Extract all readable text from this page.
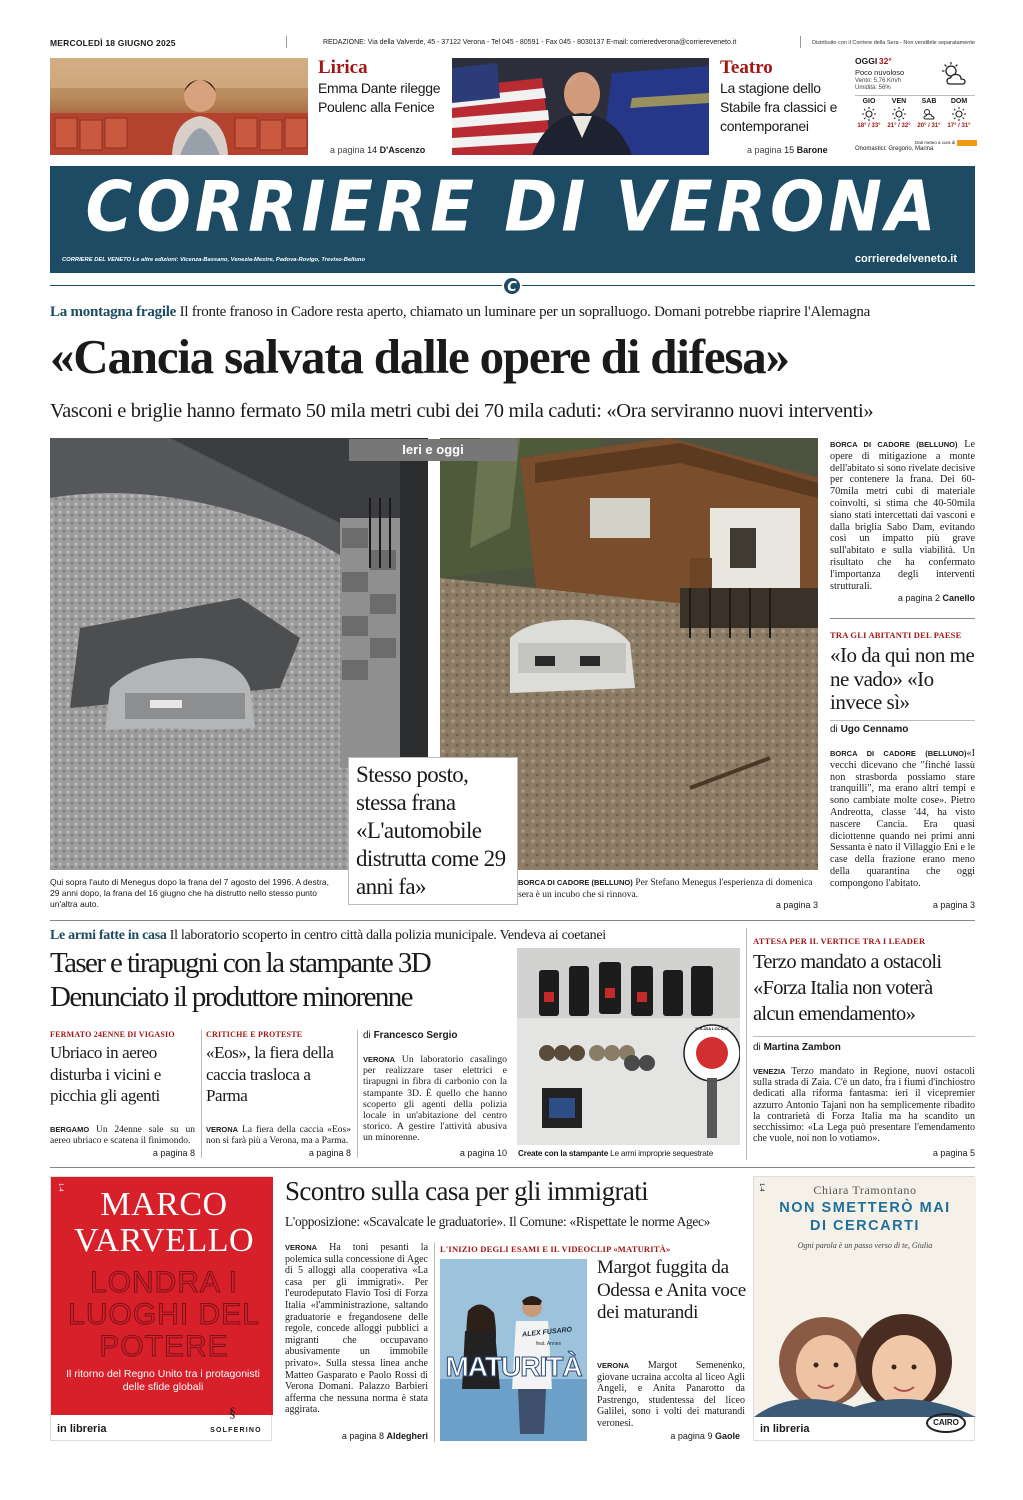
MERCOLEDÌ 18 GIUGNO 2025	REDAZIONE: Via della Valverde, 45 - 37122 Verona - Tel 045 - 80591 - Fax 045 - 8030137 E-mail: corrieredverona@corriereveneto.it	Distribuito con il Corriere della Sera - Non vendibile separatamente
Lirica
Emma Dante rilegge Poulenc alla Fenice
a pagina 14 D'Ascenzo
Teatro
La stagione dello Stabile fra classici e contemporanei
a pagina 15 Barone
OGGI 32°
Poco nuvoloso
Vento: 5.76 Km/h
Umidità: 56%
GIO
18° / 33°
VEN
21° / 32°
SAB
20° / 31°
DOM
17° / 31°
Dati meteo a cura di
Onomastici: Gregorio, Marina
CORRIERE DI VERONA
CORRIERE DEL VENETO Le altre edizioni: Vicenza-Bassano, Venezia-Mestre, Padova-Rovigo, Treviso-Belluno	corrieredelveneto.it
C
La montagna fragile Il fronte franoso in Cadore resta aperto, chiamato un luminare per un sopralluogo. Domani potrebbe riaprire l'Alemagna
«Cancia salvata dalle opere di difesa»
Vasconi e briglie hanno fermato 50 mila metri cubi dei 70 mila caduti: «Ora serviranno nuovi interventi»
Ieri e oggi
Stesso posto, stessa frana «L'automobile distrutta come 29 anni fa»
Qui sopra l'auto di Menegus dopo la frana del 7 agosto del 1996. A destra, 29 anni dopo, la frana del 16 giugno che ha distrutto nello stesso punto un'altra auto.
BORCA DI CADORE (BELLUNO) Per Stefano Menegus l'esperienza di domenica sera è un incubo che si rinnova.
a pagina 3
BORCA DI CADORE (BELLUNO) Le opere di mitigazione a monte dell'abitato si sono rivelate decisive per contenere la frana. Dei 60-70mila metri cubi di materiale coinvolti, si stima che 40-50mila siano stati intercettati dai vasconi e dalla briglia Sabo Dam, evitando così un impatto più grave sull'abitato e sulla viabilità. Un risultato che ha confermato l'importanza degli interventi strutturali.
a pagina 2 Canello
TRA GLI ABITANTI DEL PAESE
«Io da qui non me ne vado» «Io invece sì»
di Ugo Cennamo
BORCA DI CADORE (BELLUNO)«I vecchi dicevano che "finché lassù non strasborda possiamo stare tranquilli", ma erano altri tempi e sono cambiate molte cose». Pietro Andreotta, classe '44, ha visto nascere Cancia. Era quasi diciottenne quando nei primi anni Sessanta è nato il Villaggio Eni e le case della frazione erano meno della quarantina che oggi compongono l'abitato.
a pagina 3
Le armi fatte in casa Il laboratorio scoperto in centro città dalla polizia municipale. Vendeva ai coetanei
Taser e tirapugni con la stampante 3D Denunciato il produttore minorenne
FERMATO 24ENNE DI VIGASIO
Ubriaco in aereo disturba i vicini e picchia gli agenti
BERGAMO Un 24enne sale su un aereo ubriaco e scatena il finimondo.
a pagina 8
CRITICHE E PROTESTE
«Eos», la fiera della caccia trasloca a Parma
VERONA La fiera della caccia «Eos» non si farà più a Verona, ma a Parma.
a pagina 8
di Francesco Sergio
VERONA Un laboratorio casalingo per realizzare taser elettrici e tirapugni in fibra di carbonio con la stampante 3D. È quello che hanno scoperto gli agenti della polizia locale in un'abitazione del centro storico. A gestire l'attività abusiva un minorenne.
a pagina 10
POLIZIA LOCALE
Create con la stampante Le armi improprie sequestrate
ATTESA PER IL VERTICE TRA I LEADER
Terzo mandato a ostacoli «Forza Italia non voterà alcun emendamento»
di Martina Zambon
VENEZIA Terzo mandato in Regione, nuovi ostacoli sulla strada di Zaia. C'è un dato, fra i fiumi d'inchiostro dedicati alla riforma fantasma: ieri il vicepremier azzurro Antonio Tajani non ha semplicemente ribadito la contrarietà di Forza Italia ma ha scandito un secchissimo: «La Lega può presentare l'emendamento che vuole, noi non lo votiamo».
a pagina 5
1-4	MARCO VARVELLO
LONDRA I LUOGHI DEL POTERE
Il ritorno del Regno Unito tra i protagonisti delle sfide globali
in libreria
§
SOLFERINO
Scontro sulla casa per gli immigrati
L'opposizione: «Scavalcate le graduatorie». Il Comune: «Rispettate le norme Agec»
VERONA Ha toni pesanti la polemica sulla concessione di Agec di 5 alloggi alla cooperativa «La casa per gli immigrati». Per l'eurodeputato Flavio Tosi di Forza Italia «l'amministrazione, saltando graduatorie e fregandosene delle regole, concede alloggi pubblici a migranti che occupavano abusivamente un immobile privato». Sulla stessa linea anche Matteo Gasparato e Paolo Rossi di Verona Domani. Palazzo Barbieri afferma che nessuna norma è stata aggirata.
a pagina 8 Aldegheri
L'INIZIO DEGLI ESAMI E IL VIDEOCLIP «MATURITÀ»
ALEX FUSARO
feat. Annes
MATURITÀ
Margot fuggita da Odessa e Anita voce dei maturandi
VERONA Margot Semenenko, giovane ucraina accolta al liceo Agli Angeli, e Anita Panarotto da Pastrengo, studentessa del liceo Galilei, sono i volti dei maturandi veronesi.
a pagina 9 Gaole
1-4	Chiara Tramontano
NON SMETTERÒ MAI DI CERCARTI
Ogni parola è un passo verso di te, Giulia
in libreria
CAIRO
